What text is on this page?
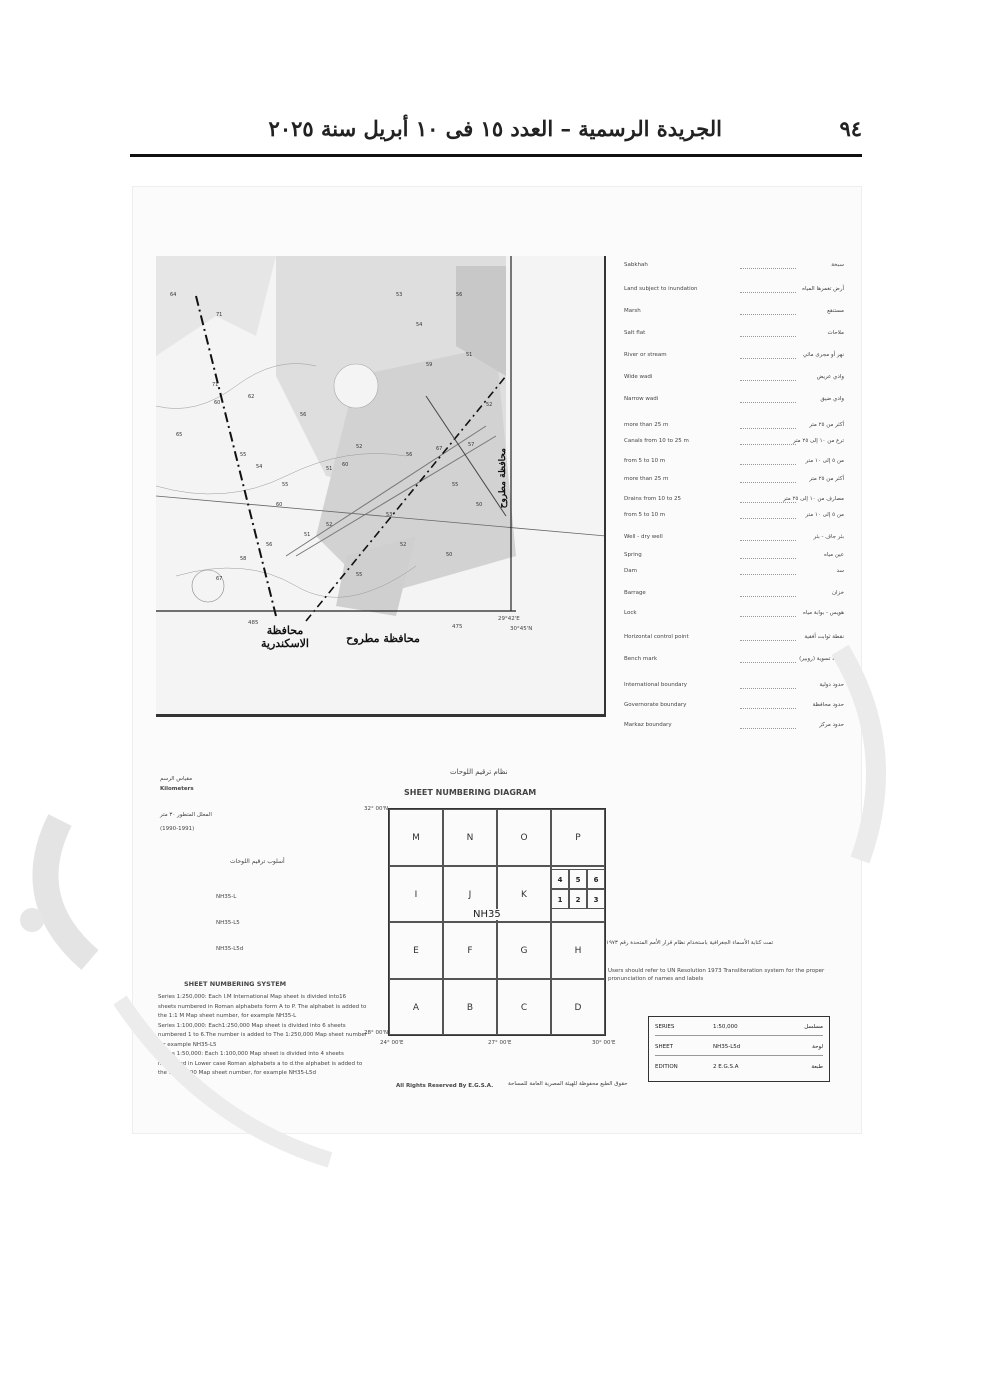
الجريدة الرسمية – العدد ١٥ فى ١٠ أبريل سنة ٢٠٢٥	٩٤
64
71
71
65
60
62
56
55
54	51
52
55
60
60
56
67
57
52
59
51
56
53
54
50
55
52
50
67
58
56
51
52
55
53
محافظة الاسكندرية	محافظة مطروح
محافظة مطروح
29°42'E
30°45'N
485
475
Sabkhah	سبخة
Land subject to inundation	أرض تغمرها المياه
Marsh	مستنقع
Salt flat	ملاحات
River or stream	نهر أو مجرى مائي
Wide wadi	وادي عريض
Narrow wadi	وادي ضيق
more than 25 m	أكثر من ٢٥ متر
Canals from 10 to 25 m	ترع من ١٠ إلى ٢٥ متر
from 5 to 10 m	من ٥ إلى ١٠ متر
more than 25 m	أكثر من ٢٥ متر
Drains from 10 to 25	مصارف من ١٠ إلى ٢٥ متر
from 5 to 10 m	من ٥ إلى ١٠ متر
Well - dry well	بئر جاف - بئر
Spring	عين مياه
Dam	سد
Barrage	خزان
Lock	هويس - بوابة مياه
Horizontal control point	نقطة ثوابت أفقية
Bench mark	نقطة تسوية (روبير)
International boundary	حدود دولية
Governorate boundary	حدود محافظة
Markaz boundary	حدود مركز
نظام ترقيم اللوحات
SHEET NUMBERING DIAGRAM
32° 00'N
28° 00'N
24° 00'E	27° 00'E	30° 00'E
M	N	O	P
I	J	K
E	F	G	H
A	B	C	D
NH35
4	5	6
1	2	3
All Rights Reserved By E.G.S.A.	حقوق الطبع محفوظة للهيئة المصرية العامة للمساحة
مقياس الرسم
Kilometers
المعلل المتطور ٣٠ متر
(1990-1991)
أسلوب ترقيم اللوحات
NH35-L
NH35-L5
NH35-L5d
SHEET NUMBERING SYSTEM
Series 1:250,000: Each I.M International Map sheet is divided into16
sheets numbered in Roman alphabets form A to P. The alphabet is added to
the 1:1 M Map sheet number, for example NH35-L
Series 1:100,000: Each1:250,000 Map sheet is divided into 6 sheets
numbered 1 to 6.The number is added to The 1:250,000 Map sheet number
for example NH35-L5
Series 1:50,000: Each 1:100,000 Map sheet is divided into 4 sheets
numbered in Lower case Roman alphabets a to d.the alphabet is added to
the 1:100,000 Map sheet number, for example NH35-L5d
تمت كتابة الأسماء الجغرافية باستخدام نظام قرار الأمم المتحدة رقم ١٩٧٣
Users should refer to UN Resolution 1973 Transliteration system for the proper
pronunciation of names and labels
SERIES	1:50,000	مسلسل
SHEET	NH35-L5d	لوحة
EDITION	2 E.G.S.A	طبعة
